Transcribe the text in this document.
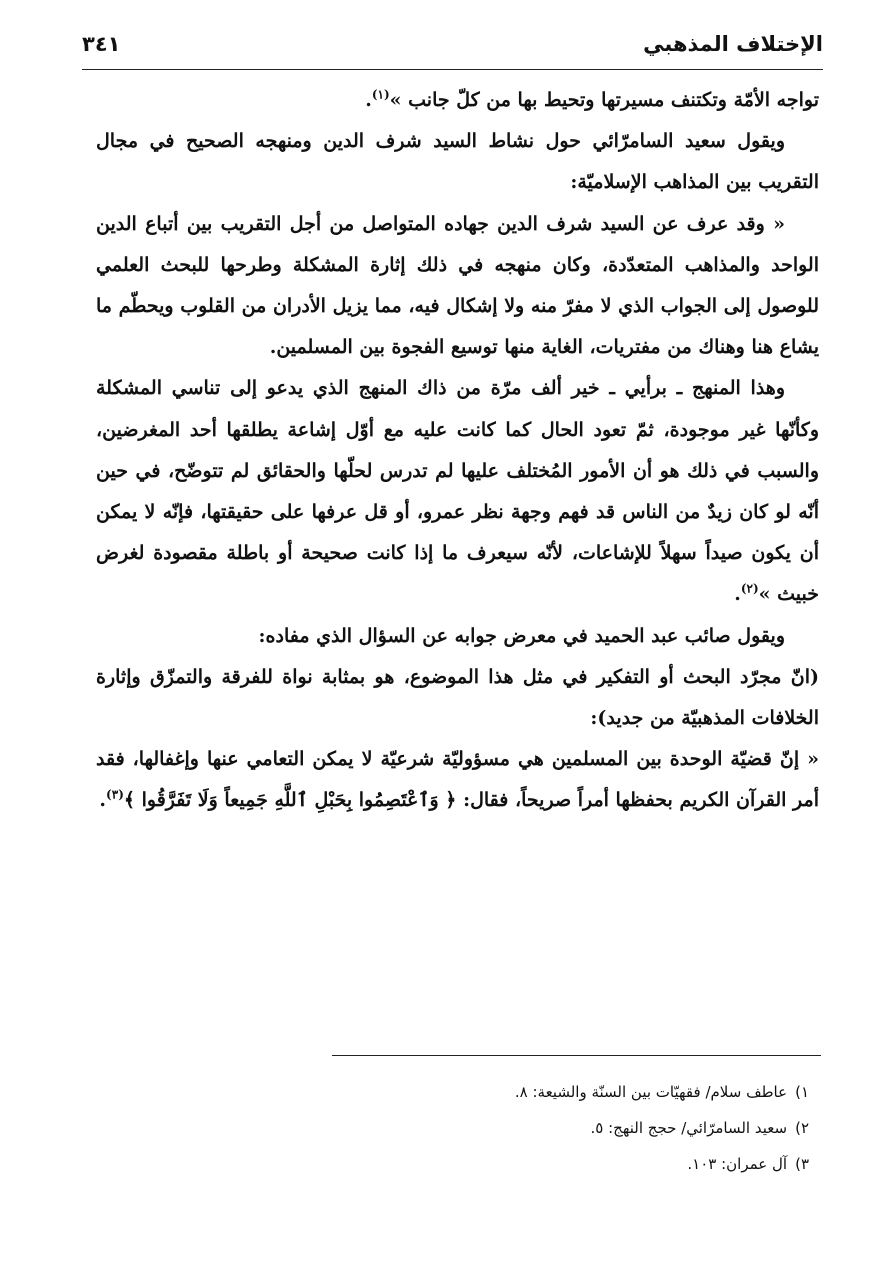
الإختلاف المذهبي
٣٤١

تواجه الأمّة وتكتنف مسيرتها وتحيط بها من كلّ جانب »$^{(١)}$.

ويقول سعيد السامرّائي حول نشاط السيد شرف الدين ومنهجه الصحيح في مجال التقريب بين المذاهب الإسلاميّة:

« وقد عرف عن السيد شرف الدين جهاده المتواصل من أجل التقريب بين أتباع الدين الواحد والمذاهب المتعدّدة، وكان منهجه في ذلك إثارة المشكلة وطرحها للبحث العلمي للوصول إلى الجواب الذي لا مفرّ منه ولا إشكال فيه، مما يزيل الأدران من القلوب ويحطّم ما يشاع هنا وهناك من مفتريات، الغاية منها توسيع الفجوة بين المسلمين.

وهذا المنهج ـ برأيي ـ خير ألف مرّة من ذاك المنهج الذي يدعو إلى تناسي المشكلة وكأنّها غير موجودة، ثمّ تعود الحال كما كانت عليه مع أوّل إشاعة يطلقها أحد المغرضين، والسبب في ذلك هو أن الأمور المُختلف عليها لم تدرس لحلّها والحقائق لم تتوضّح، في حين أنّه لو كان زيدٌ من الناس قد فهم وجهة نظر عمرو، أو قل عرفها على حقيقتها، فإنّه لا يمكن أن يكون صيداً سهلاً للإشاعات، لأنّه سيعرف ما إذا كانت صحيحة أو باطلة مقصودة لغرض خبيث »$^{(٢)}$.

ويقول صائب عبد الحميد في معرض جوابه عن السؤال الذي مفاده:

(انّ مجرّد البحث أو التفكير في مثل هذا الموضوع، هو بمثابة نواة للفرقة والتمزّق وإثارة الخلافات المذهبيّة من جديد):

« إنّ قضيّة الوحدة بين المسلمين هي مسؤوليّة شرعيّة لا يمكن التعامي عنها وإغفالها، فقد أمر القرآن الكريم بحفظها أمراً صريحاً، فقال: ﴿ وَٱعْتَصِمُوا بِحَبْلِ ٱللَّهِ جَمِيعاً وَلَا تَفَرَّقُوا ﴾$^{(٣)}$.

١)عاطف سلام/ فقهيّات بين السنّة والشيعة: ٨.

٢)سعيد السامرّائي/ حجج النهج: ٥.

٣)آل عمران: ١٠٣.
